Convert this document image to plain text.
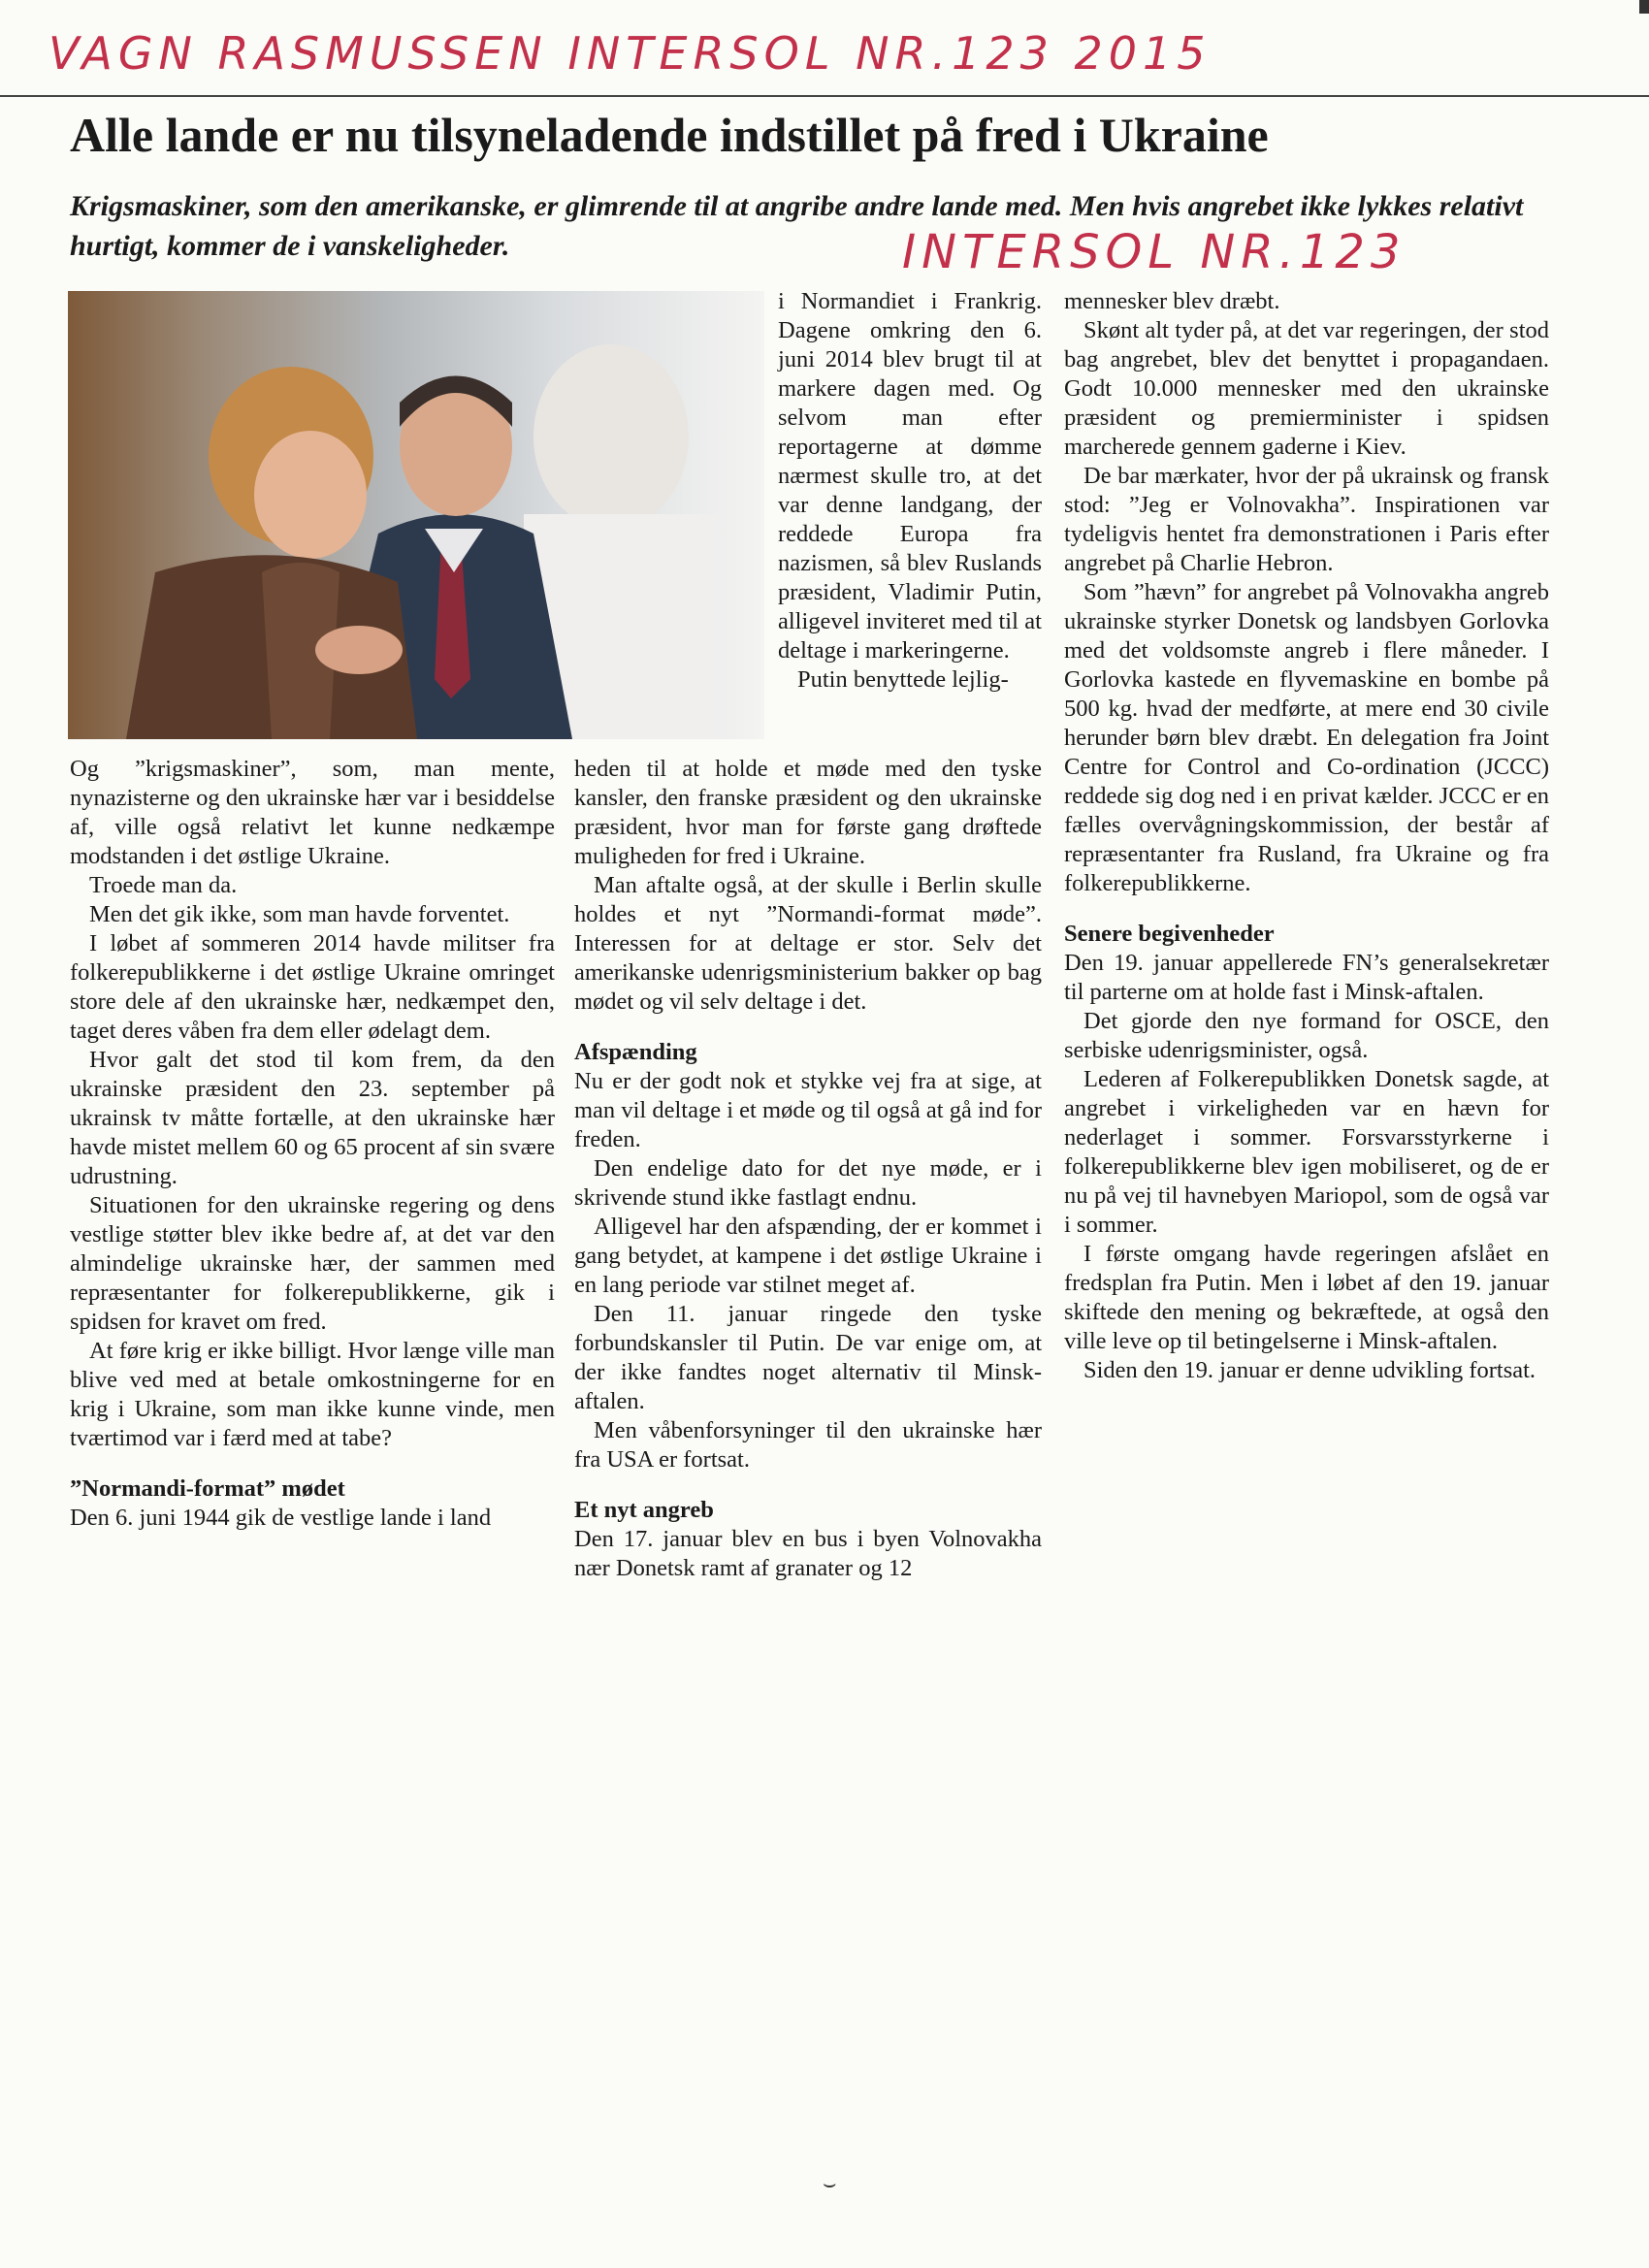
VAGN RASMUSSEN INTERSOL NR.123 2015
Alle lande er nu tilsyneladende indstillet på fred i Ukraine

Krigsmaskiner, som den amerikanske, er glimrende til at angribe andre lande med. Men hvis angrebet ikke lykkes relativt hurtigt, kommer de i vanskeligheder.	INTERSOL NR.123

i Normandiet i Frankrig. Dagene omkring den 6. juni 2014 blev brugt til at markere dagen med. Og selvom man efter reportagerne at dømme nærmest skulle tro, at det var denne landgang, der reddede Europa fra nazismen, så blev Ruslands præsident, Vladimir Putin, alligevel inviteret med til at deltage i markeringerne.

Putin benyttede lejlig-

Og ”krigsmaskiner”, som, man mente, nynazisterne og den ukrainske hær var i besiddelse af, ville også relativt let kunne nedkæmpe modstanden i det østlige Ukraine.

Troede man da.

Men det gik ikke, som man havde forventet.

I løbet af sommeren 2014 havde militser fra folkerepublikkerne i det østlige Ukraine omringet store dele af den ukrainske hær, nedkæmpet den, taget deres våben fra dem eller ødelagt dem.

Hvor galt det stod til kom frem, da den ukrainske præsident den 23. september på ukrainsk tv måtte fortælle, at den ukrainske hær havde mistet mellem 60 og 65 procent af sin svære udrustning.

Situationen for den ukrainske regering og dens vestlige støtter blev ikke bedre af, at det var den almindelige ukrainske hær, der sammen med repræsentanter for folkerepublikkerne, gik i spidsen for kravet om fred.

At føre krig er ikke billigt. Hvor længe ville man blive ved med at betale omkostningerne for en krig i Ukraine, som man ikke kunne vinde, men tværtimod var i færd med at tabe?

”Normandi-format” mødet

Den 6. juni 1944 gik de vestlige lande i land

heden til at holde et møde med den tyske kansler, den franske præsident og den ukrainske præsident, hvor man for første gang drøftede muligheden for fred i Ukraine.

Man aftalte også, at der skulle i Berlin skulle holdes et nyt ”Normandi-format møde”. Interessen for at deltage er stor. Selv det amerikanske udenrigsministerium bakker op bag mødet og vil selv deltage i det.

Afspænding

Nu er der godt nok et stykke vej fra at sige, at man vil deltage i et møde og til også at gå ind for freden.

Den endelige dato for det nye møde, er i skrivende stund ikke fastlagt endnu.

Alligevel har den afspænding, der er kommet i gang betydet, at kampene i det østlige Ukraine i en lang periode var stilnet meget af.

Den 11. januar ringede den tyske forbundskansler til Putin. De var enige om, at der ikke fandtes noget alternativ til Minsk-aftalen.

Men våbenforsyninger til den ukrainske hær fra USA er fortsat.

Et nyt angreb

Den 17. januar blev en bus i byen Volnovakha nær Donetsk ramt af granater og 12

mennesker blev dræbt.

Skønt alt tyder på, at det var regeringen, der stod bag angrebet, blev det benyttet i propagandaen. Godt 10.000 mennesker med den ukrainske præsident og premierminister i spidsen marcherede gennem gaderne i Kiev.

De bar mærkater, hvor der på ukrainsk og fransk stod: ”Jeg er Volnovakha”. Inspirationen var tydeligvis hentet fra demonstrationen i Paris efter angrebet på Charlie Hebron.

Som ”hævn” for angrebet på Volnovakha angreb ukrainske styrker Donetsk og landsbyen Gorlovka med det voldsomste angreb i flere måneder. I Gorlovka kastede en flyvemaskine en bombe på 500 kg. hvad der medførte, at mere end 30 civile herunder børn blev dræbt. En delegation fra Joint Centre for Control and Co-ordination (JCCC) reddede sig dog ned i en privat kælder. JCCC er en fælles overvågningskommission, der består af repræsentanter fra Rusland, fra Ukraine og fra folkerepublikkerne.

Senere begivenheder

Den 19. januar appellerede FN’s generalsekretær til parterne om at holde fast i Minsk-aftalen.

Det gjorde den nye formand for OSCE, den serbiske udenrigsminister, også.

Lederen af Folkerepublikken Donetsk sagde, at angrebet i virkeligheden var en hævn for nederlaget i sommer. Forsvarsstyrkerne i folkerepublikkerne blev igen mobiliseret, og de er nu på vej til havnebyen Mariopol, som de også var i sommer.

I første omgang havde regeringen afslået en fredsplan fra Putin. Men i løbet af den 19. januar skiftede den mening og bekræftede, at også den ville leve op til betingelserne i Minsk-aftalen.

Siden den 19. januar er denne udvikling fortsat.

⌣
